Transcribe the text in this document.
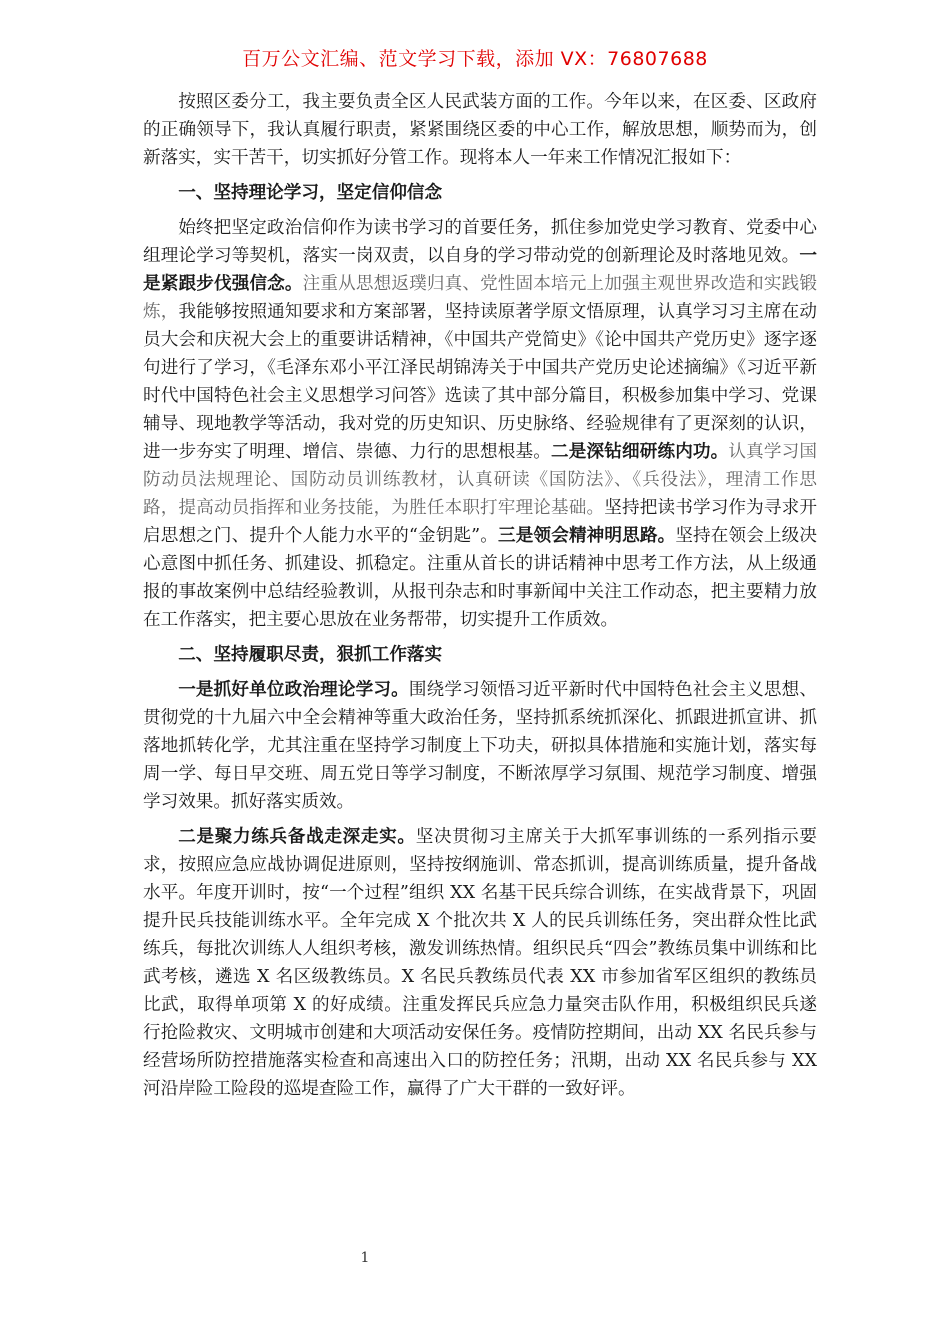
百万公文汇编、范文学习下载，添加 VX：76807688

按照区委分工，我主要负责全区人民武装方面的工作。今年以来，在区委、区政府的正确领导下，我认真履行职责，紧紧围绕区委的中心工作，解放思想，顺势而为，创新落实，实干苦干，切实抓好分管工作。现将本人一年来工作情况汇报如下：

一、坚持理论学习，坚定信仰信念

始终把坚定政治信仰作为读书学习的首要任务，抓住参加党史学习教育、党委中心组理论学习等契机，落实一岗双责，以自身的学习带动党的创新理论及时落地见效。一是紧跟步伐强信念。注重从思想返璞归真、党性固本培元上加强主观世界改造和实践锻炼，我能够按照通知要求和方案部署，坚持读原著学原文悟原理，认真学习习主席在动员大会和庆祝大会上的重要讲话精神，《中国共产党简史》《论中国共产党历史》逐字逐句进行了学习，《毛泽东邓小平江泽民胡锦涛关于中国共产党历史论述摘编》《习近平新时代中国特色社会主义思想学习问答》选读了其中部分篇目，积极参加集中学习、党课辅导、现地教学等活动，我对党的历史知识、历史脉络、经验规律有了更深刻的认识，进一步夯实了明理、增信、崇德、力行的思想根基。二是深钻细研练内功。认真学习国防动员法规理论、国防动员训练教材，认真研读《国防法》、《兵役法》，理清工作思路，提高动员指挥和业务技能，为胜任本职打牢理论基础。坚持把读书学习作为寻求开启思想之门、提升个人能力水平的“金钥匙”。三是领会精神明思路。坚持在领会上级决心意图中抓任务、抓建设、抓稳定。注重从首长的讲话精神中思考工作方法，从上级通报的事故案例中总结经验教训，从报刊杂志和时事新闻中关注工作动态，把主要精力放在工作落实，把主要心思放在业务帮带，切实提升工作质效。

二、坚持履职尽责，狠抓工作落实

一是抓好单位政治理论学习。围绕学习领悟习近平新时代中国特色社会主义思想、贯彻党的十九届六中全会精神等重大政治任务，坚持抓系统抓深化、抓跟进抓宣讲、抓落地抓转化学，尤其注重在坚持学习制度上下功夫，研拟具体措施和实施计划，落实每周一学、每日早交班、周五党日等学习制度，不断浓厚学习氛围、规范学习制度、增强学习效果。抓好落实质效。

二是聚力练兵备战走深走实。坚决贯彻习主席关于大抓军事训练的一系列指示要求，按照应急应战协调促进原则，坚持按纲施训、常态抓训，提高训练质量，提升备战水平。年度开训时，按“一个过程”组织 XX 名基干民兵综合训练，在实战背景下，巩固提升民兵技能训练水平。全年完成 X 个批次共 X 人的民兵训练任务，突出群众性比武练兵，每批次训练人人组织考核，激发训练热情。组织民兵“四会”教练员集中训练和比武考核，遴选 X 名区级教练员。X 名民兵教练员代表 XX 市参加省军区组织的教练员比武，取得单项第 X 的好成绩。注重发挥民兵应急力量突击队作用，积极组织民兵遂行抢险救灾、文明城市创建和大项活动安保任务。疫情防控期间，出动 XX 名民兵参与经营场所防控措施落实检查和高速出入口的防控任务；汛期，出动 XX 名民兵参与 XX 河沿岸险工险段的巡堤查险工作，赢得了广大干群的一致好评。

1
